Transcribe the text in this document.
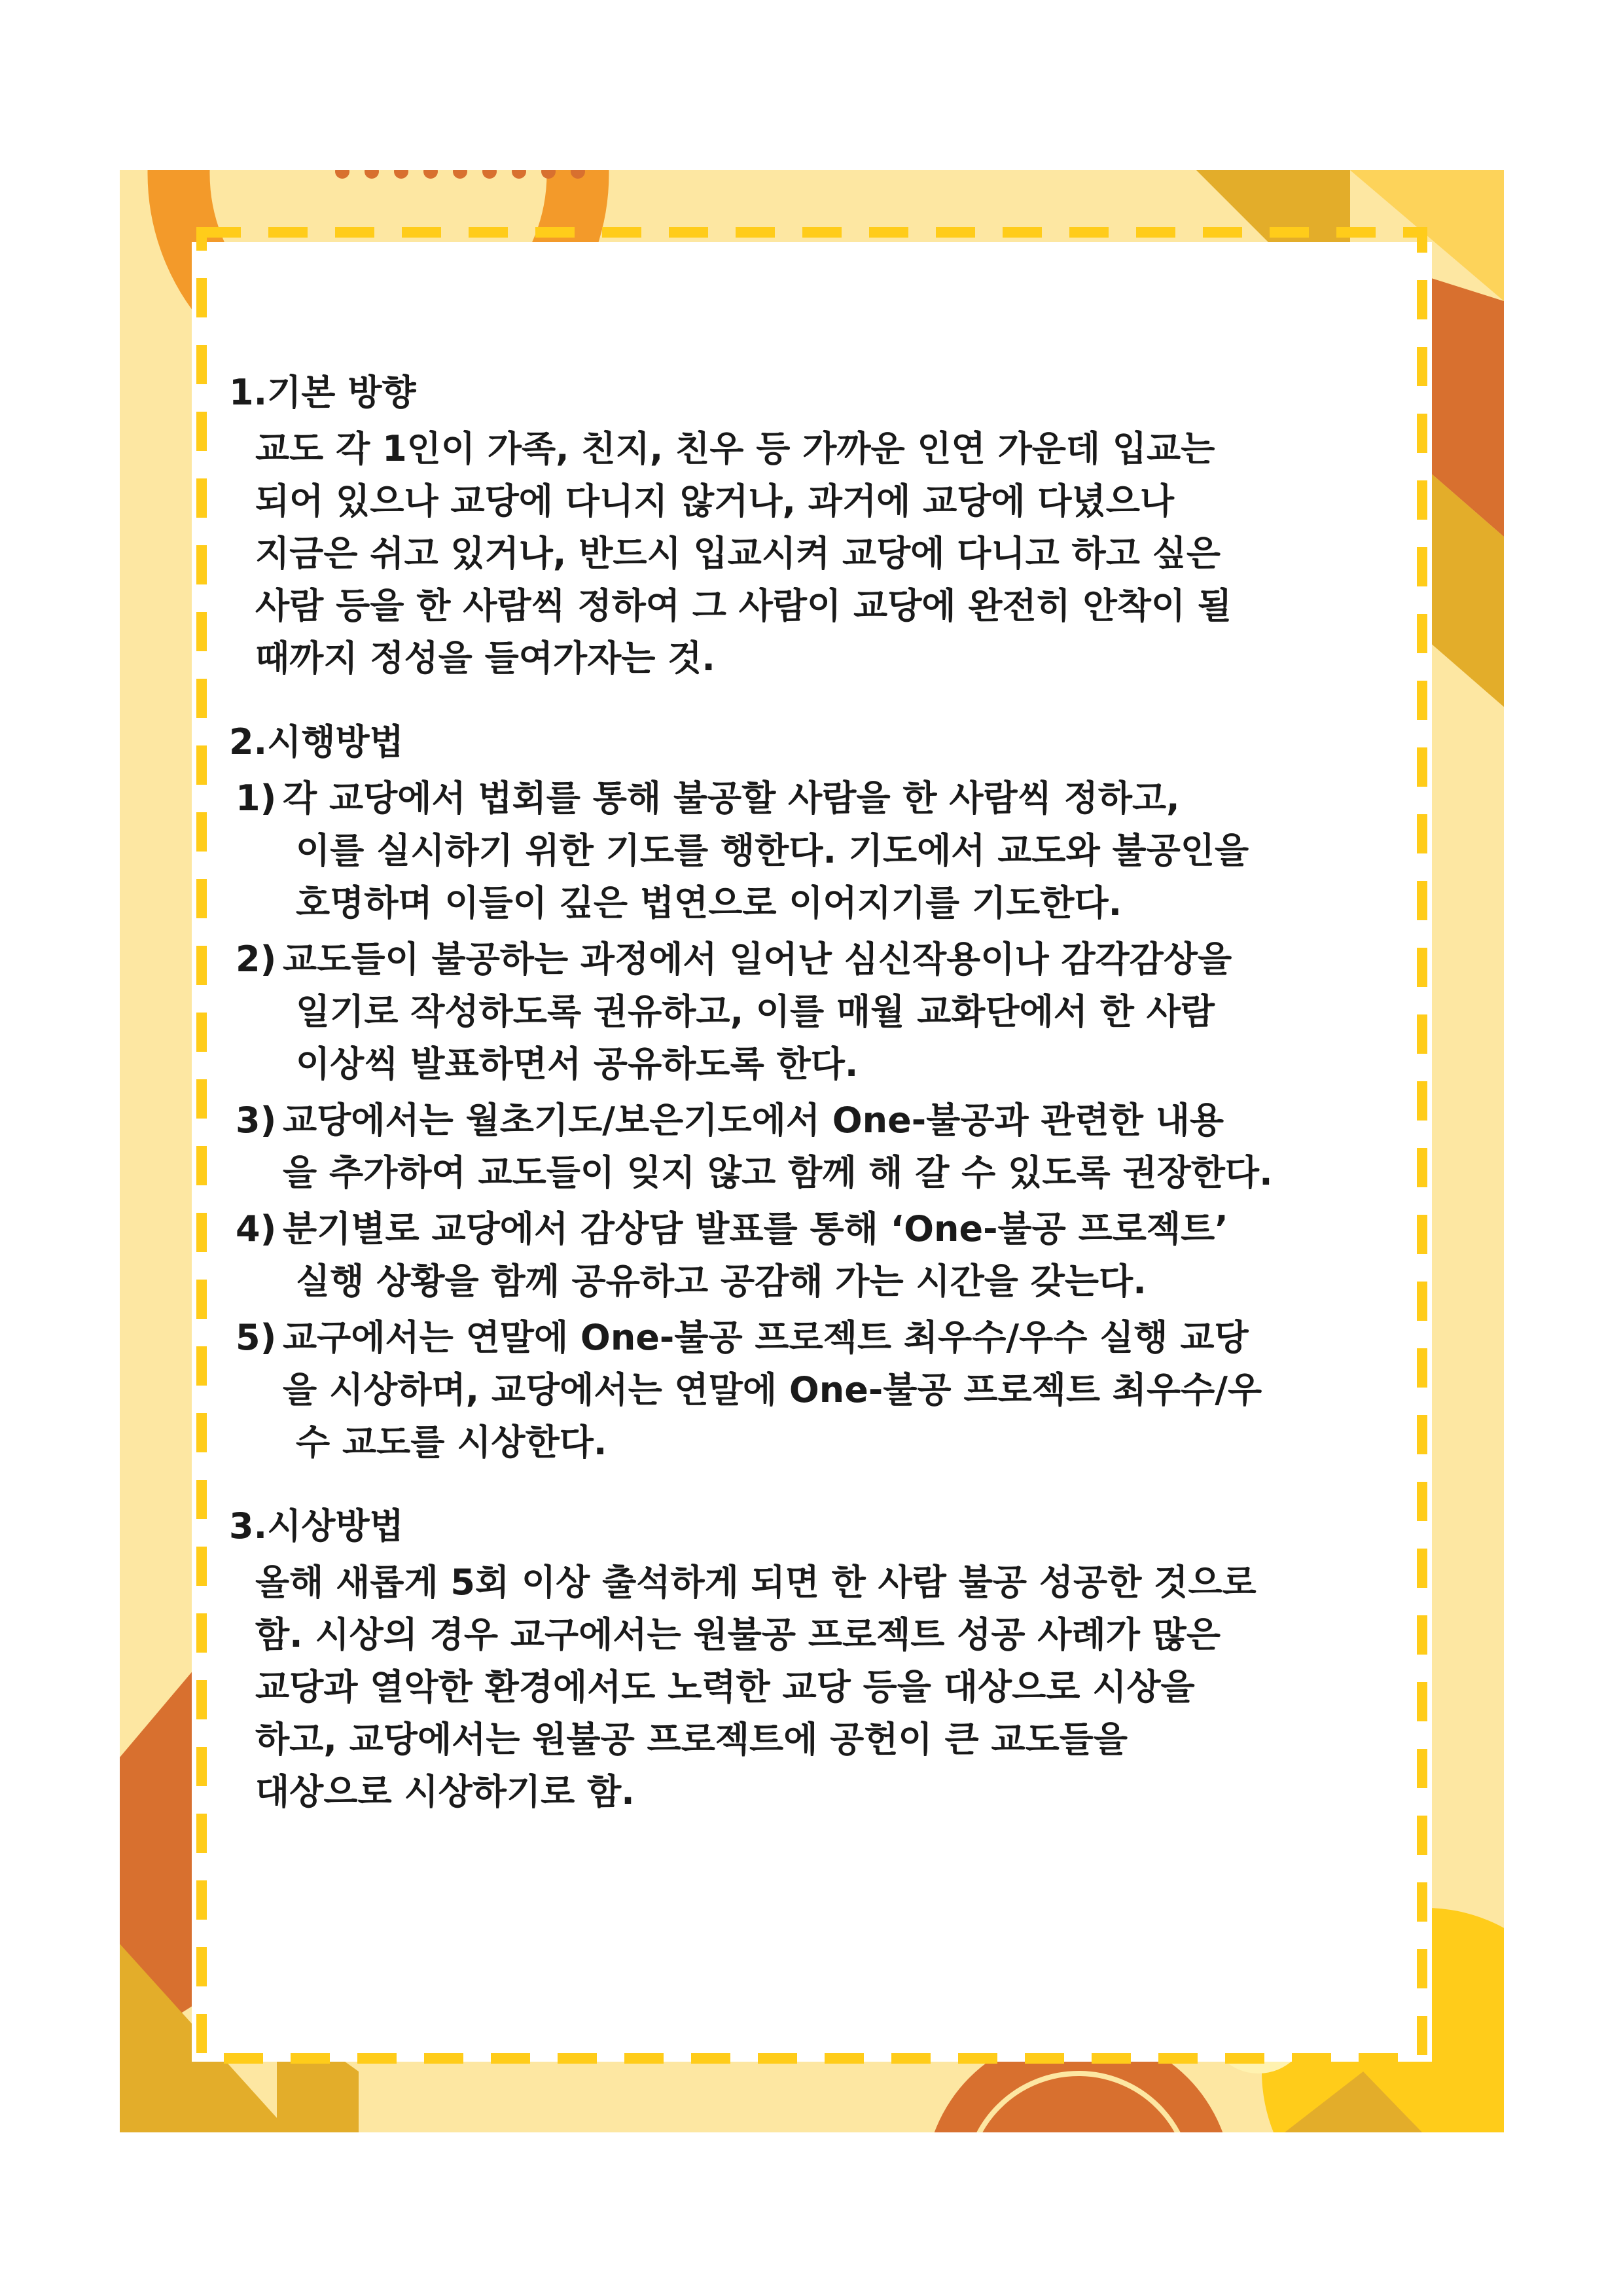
1.기본 방향

교도 각 1인이 가족, 친지, 친우 등 가까운 인연 가운데 입교는
되어 있으나 교당에 다니지 않거나, 과거에 교당에 다녔으나
지금은 쉬고 있거나, 반드시 입교시켜 교당에 다니고 하고 싶은
사람 등을 한 사람씩 정하여 그 사람이 교당에 완전히 안착이 될
때까지 정성을 들여가자는 것.

2.시행방법

1) 각 교당에서 법회를 통해 불공할 사람을 한 사람씩 정하고,
이를 실시하기 위한 기도를 행한다. 기도에서 교도와 불공인을
호명하며 이들이 깊은 법연으로 이어지기를 기도한다.
2) 교도들이 불공하는 과정에서 일어난 심신작용이나 감각감상을
일기로 작성하도록 권유하고, 이를 매월 교화단에서 한 사람
이상씩 발표하면서 공유하도록 한다.
3) 교당에서는 월초기도/보은기도에서 One-불공과 관련한 내용
을 추가하여 교도들이 잊지 않고 함께 해 갈 수 있도록 권장한다.
4) 분기별로 교당에서 감상담 발표를 통해 ‘One-불공 프로젝트’
실행 상황을 함께 공유하고 공감해 가는 시간을 갖는다.
5) 교구에서는 연말에 One-불공 프로젝트 최우수/우수 실행 교당
을 시상하며, 교당에서는 연말에 One-불공 프로젝트 최우수/우
수 교도를 시상한다.

3.시상방법

올해 새롭게 5회 이상 출석하게 되면 한 사람 불공 성공한 것으로
함. 시상의 경우 교구에서는 원불공 프로젝트 성공 사례가 많은
교당과 열악한 환경에서도 노력한 교당 등을 대상으로 시상을
하고, 교당에서는 원불공 프로젝트에 공헌이 큰 교도들을
대상으로 시상하기로 함.
